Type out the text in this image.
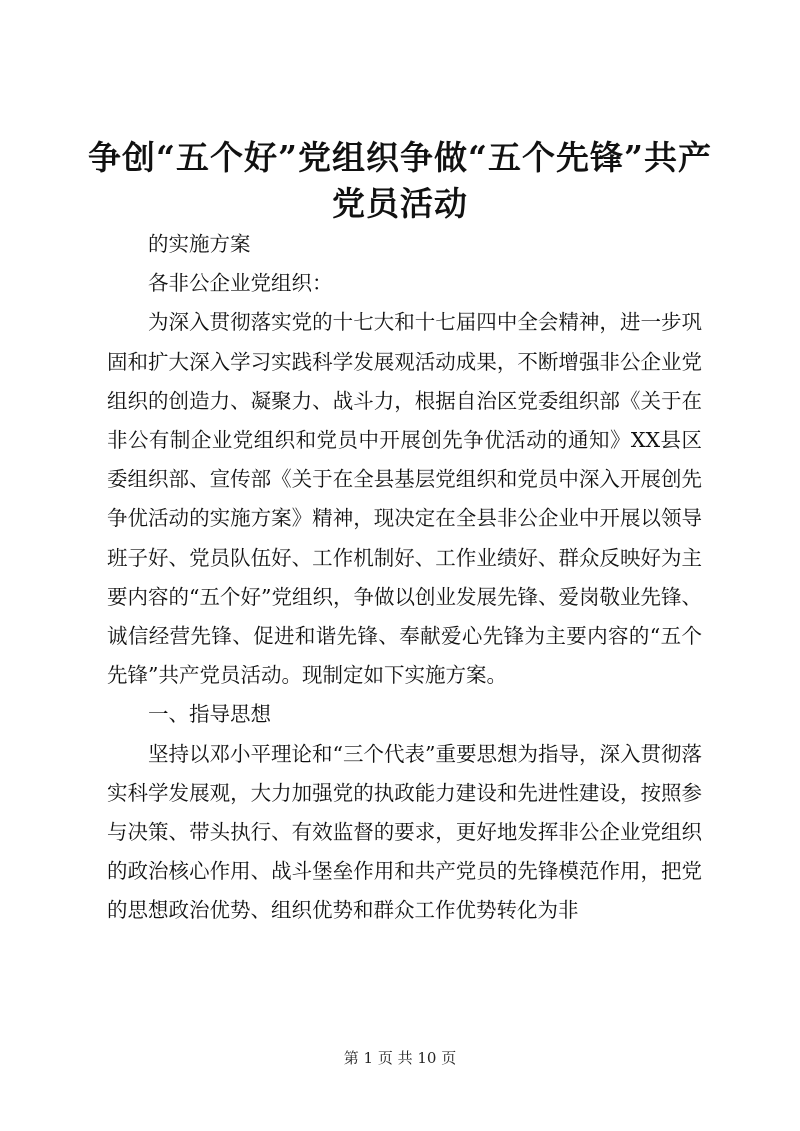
争创“五个好”党组织争做“五个先锋”共产
党员活动

的实施方案

各非公企业党组织：

为深入贯彻落实党的十七大和十七届四中全会精神，进一步巩固和扩大深入学习实践科学发展观活动成果，不断增强非公企业党组织的创造力、凝聚力、战斗力，根据自治区党委组织部《关于在非公有制企业党组织和党员中开展创先争优活动的通知》XX县区委组织部、宣传部《关于在全县基层党组织和党员中深入开展创先争优活动的实施方案》精神，现决定在全县非公企业中开展以领导班子好、党员队伍好、工作机制好、工作业绩好、群众反映好为主要内容的“五个好”党组织，争做以创业发展先锋、爱岗敬业先锋、诚信经营先锋、促进和谐先锋、奉献爱心先锋为主要内容的“五个先锋”共产党员活动。现制定如下实施方案。

一、指导思想

坚持以邓小平理论和“三个代表”重要思想为指导，深入贯彻落实科学发展观，大力加强党的执政能力建设和先进性建设，按照参与决策、带头执行、有效监督的要求，更好地发挥非公企业党组织的政治核心作用、战斗堡垒作用和共产党员的先锋模范作用，把党的思想政治优势、组织优势和群众工作优势转化为非

第 1 页 共 10 页
